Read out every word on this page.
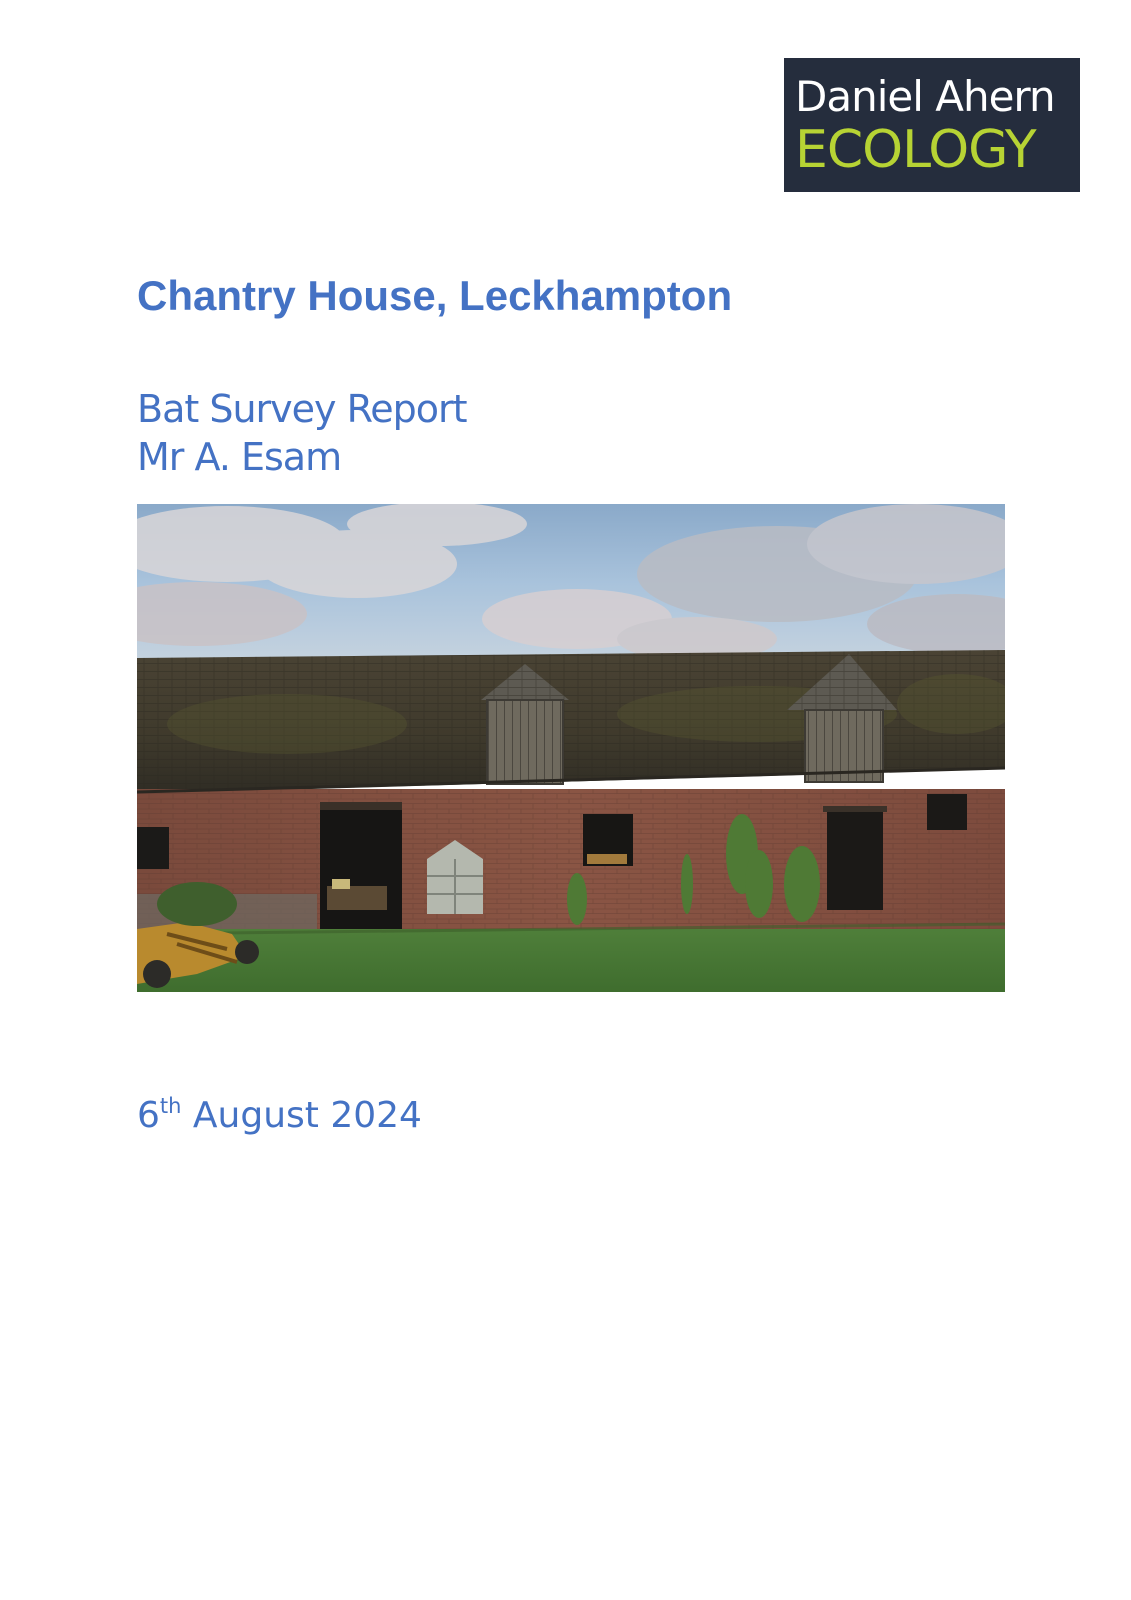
Daniel Ahern
ECOLOGY
Chantry House, Leckhampton
Bat Survey Report
Mr A. Esam
6th August 2024
